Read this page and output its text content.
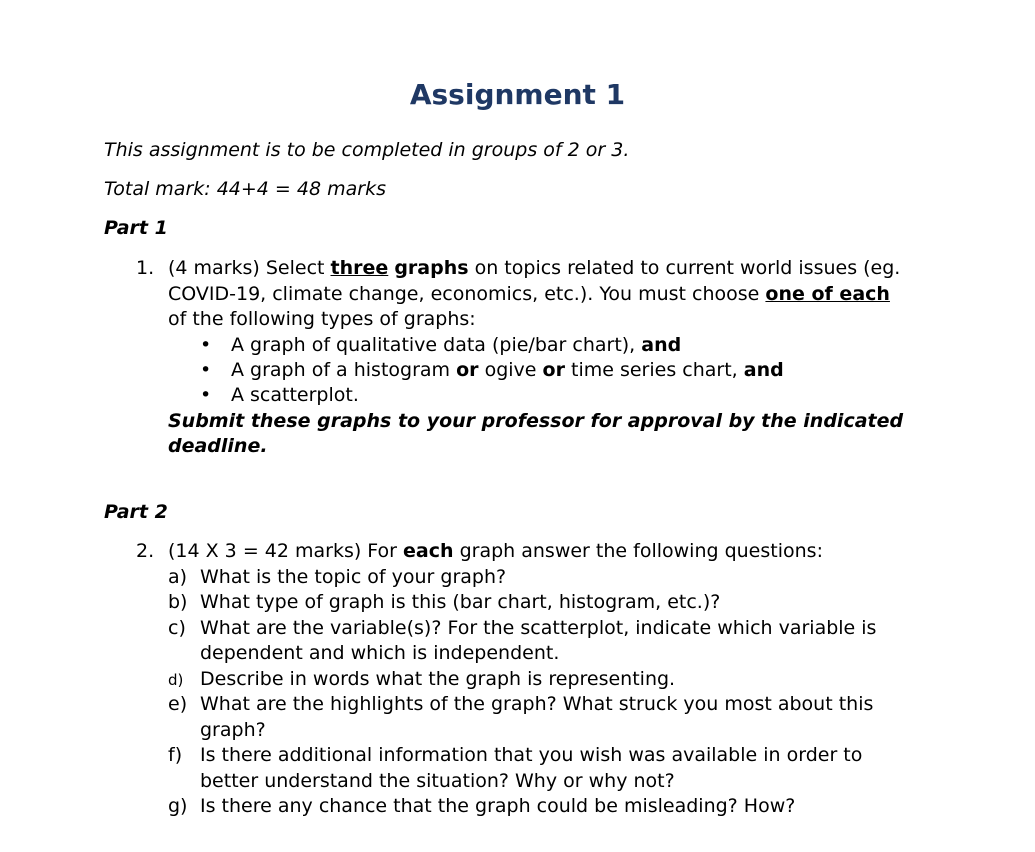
Assignment 1
This assignment is to be completed in groups of 2 or 3.
Total mark: 44+4 = 48 marks
Part 1
1. (4 marks) Select three graphs on topics related to current world issues (eg.
COVID-19, climate change, economics, etc.). You must choose one of each
of the following types of graphs:
• A graph of qualitative data (pie/bar chart), and
• A graph of a histogram or ogive or time series chart, and
• A scatterplot.
Submit these graphs to your professor for approval by the indicated
deadline.
Part 2
2. (14 X 3 = 42 marks) For each graph answer the following questions:
a) What is the topic of your graph?
b) What type of graph is this (bar chart, histogram, etc.)?
c) What are the variable(s)? For the scatterplot, indicate which variable is
dependent and which is independent.
d) Describe in words what the graph is representing.
e) What are the highlights of the graph? What struck you most about this
graph?
f) Is there additional information that you wish was available in order to
better understand the situation? Why or why not?
g) Is there any chance that the graph could be misleading? How?
